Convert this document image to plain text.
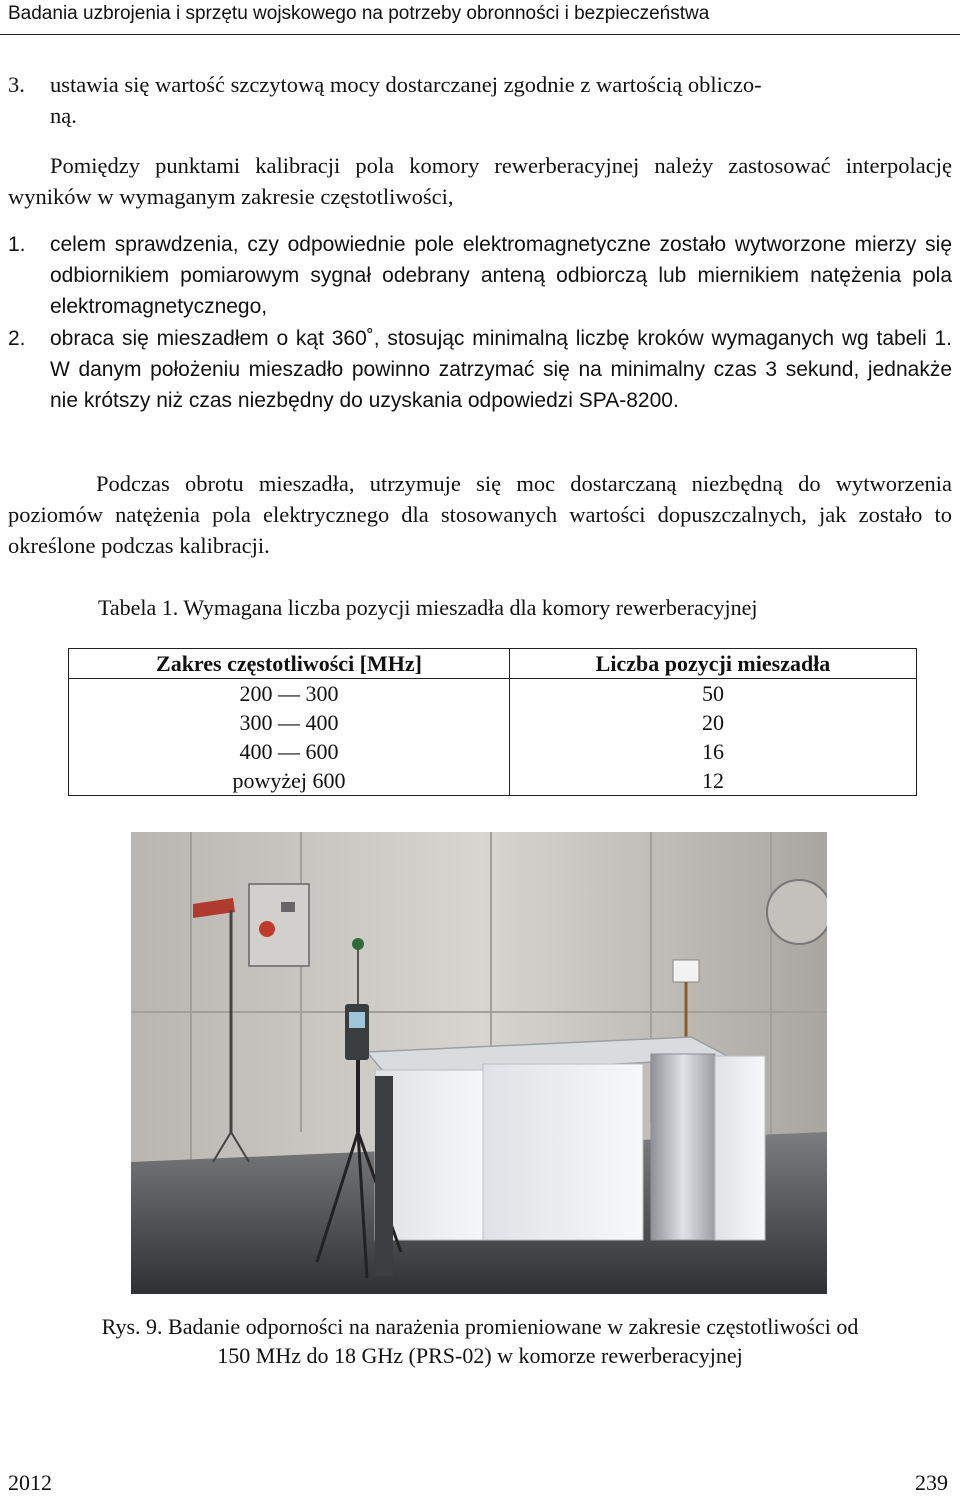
Badania uzbrojenia i sprzętu wojskowego na potrzeby obronności i bezpieczeństwa
3.	ustawia się wartość szczytową mocy dostarczanej zgodnie z wartością obliczo-
ną.
Pomiędzy punktami kalibracji pola komory rewerberacyjnej należy zastosować interpolację wyników w wymaganym zakresie częstotliwości,
1.	celem sprawdzenia, czy odpowiednie pole elektromagnetyczne zostało wytworzone mierzy się odbiornikiem pomiarowym sygnał odebrany anteną odbiorczą lub miernikiem natężenia pola elektromagnetycznego,
2.	obraca się mieszadłem o kąt 360˚, stosując minimalną liczbę kroków wymaganych wg tabeli 1. W danym położeniu mieszadło powinno zatrzymać się na minimalny czas 3 sekund, jednakże nie krótszy niż czas niezbędny do uzyskania odpowiedzi SPA-8200.
Podczas obrotu mieszadła, utrzymuje się moc dostarczaną niezbędną do wytworzenia poziomów natężenia pola elektrycznego dla stosowanych wartości dopuszczalnych, jak zostało to określone podczas kalibracji.
Tabela 1. Wymagana liczba pozycji mieszadła dla komory rewerberacyjnej
Zakres częstotliwości [MHz]	Liczba pozycji mieszadła
200 — 300	50
300 — 400	20
400 — 600	16
powyżej 600	12
Rys. 9. Badanie odporności na narażenia promieniowane w zakresie częstotliwości od
150 MHz do 18 GHz (PRS-02) w komorze rewerberacyjnej
2012	239
